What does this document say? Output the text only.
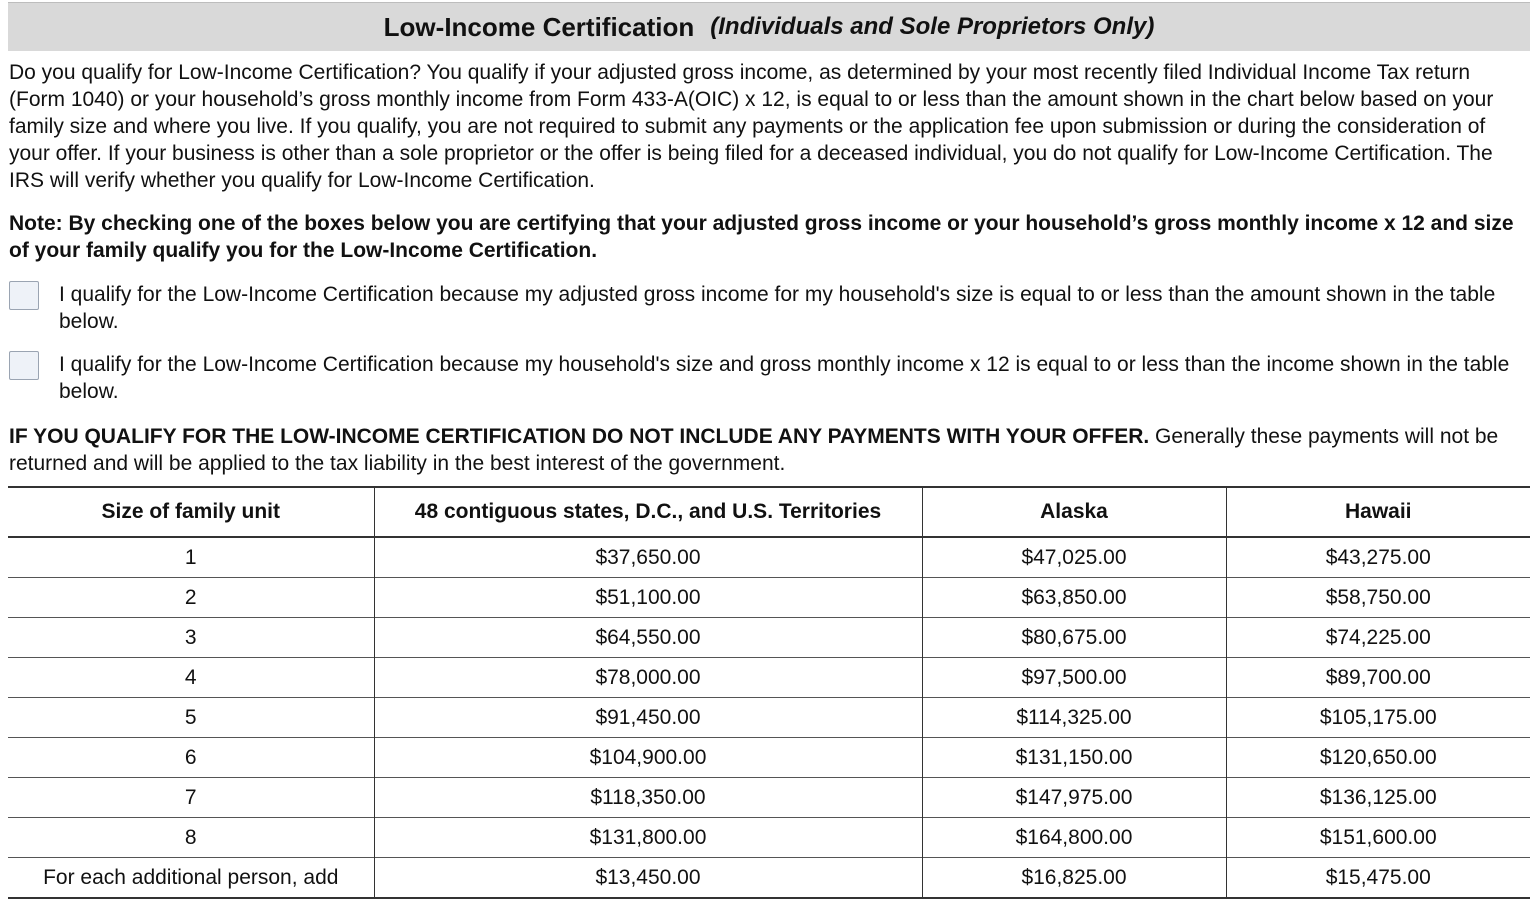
Low-Income Certification (Individuals and Sole Proprietors Only)

Do you qualify for Low-Income Certification? You qualify if your adjusted gross income, as determined by your most recently filed Individual Income Tax return (Form 1040) or your household’s gross monthly income from Form 433-A(OIC) x 12, is equal to or less than the amount shown in the chart below based on your family size and where you live. If you qualify, you are not required to submit any payments or the application fee upon submission or during the consideration of your offer. If your business is other than a sole proprietor or the offer is being filed for a deceased individual, you do not qualify for Low-Income Certification. The IRS will verify whether you qualify for Low-Income Certification.

Note: By checking one of the boxes below you are certifying that your adjusted gross income or your household’s gross monthly income x 12 and size of your family qualify you for the Low-Income Certification.

I qualify for the Low-Income Certification because my adjusted gross income for my household's size is equal to or less than the amount shown in the table below.
I qualify for the Low-Income Certification because my household's size and gross monthly income x 12 is equal to or less than the income shown in the table below.

IF YOU QUALIFY FOR THE LOW-INCOME CERTIFICATION DO NOT INCLUDE ANY PAYMENTS WITH YOUR OFFER. Generally these payments will not be returned and will be applied to the tax liability in the best interest of the government.

Size of family unit	48 contiguous states, D.C., and U.S. Territories	Alaska	Hawaii
1	$37,650.00	$47,025.00	$43,275.00
2	$51,100.00	$63,850.00	$58,750.00
3	$64,550.00	$80,675.00	$74,225.00
4	$78,000.00	$97,500.00	$89,700.00
5	$91,450.00	$114,325.00	$105,175.00
6	$104,900.00	$131,150.00	$120,650.00
7	$118,350.00	$147,975.00	$136,125.00
8	$131,800.00	$164,800.00	$151,600.00
For each additional person, add	$13,450.00	$16,825.00	$15,475.00
